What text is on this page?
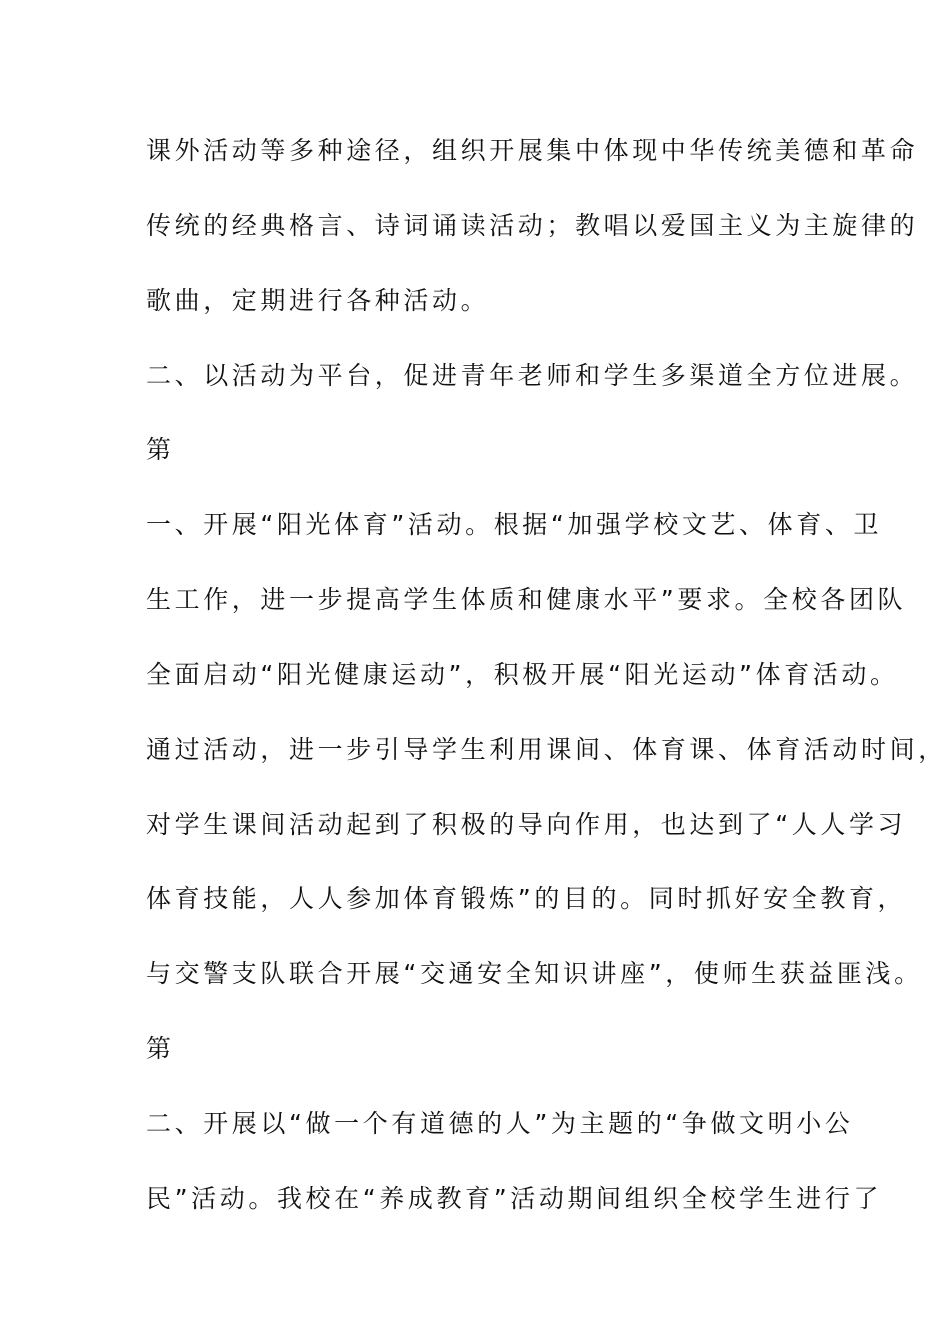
课外活动等多种途径，组织开展集中体现中华传统美德和革命
传统的经典格言、诗词诵读活动；教唱以爱国主义为主旋律的
歌曲，定期进行各种活动。
二、以活动为平台，促进青年老师和学生多渠道全方位进展。
第
一、开展“阳光体育”活动。根据“加强学校文艺、体育、卫
生工作，进一步提高学生体质和健康水平”要求。全校各团队
全面启动“阳光健康运动”，积极开展“阳光运动”体育活动。
通过活动，进一步引导学生利用课间、体育课、体育活动时间，
对学生课间活动起到了积极的导向作用，也达到了“人人学习
体育技能，人人参加体育锻炼”的目的。同时抓好安全教育，
与交警支队联合开展“交通安全知识讲座”，使师生获益匪浅。
第
二、开展以“做一个有道德的人”为主题的“争做文明小公
民”活动。我校在“养成教育”活动期间组织全校学生进行了
